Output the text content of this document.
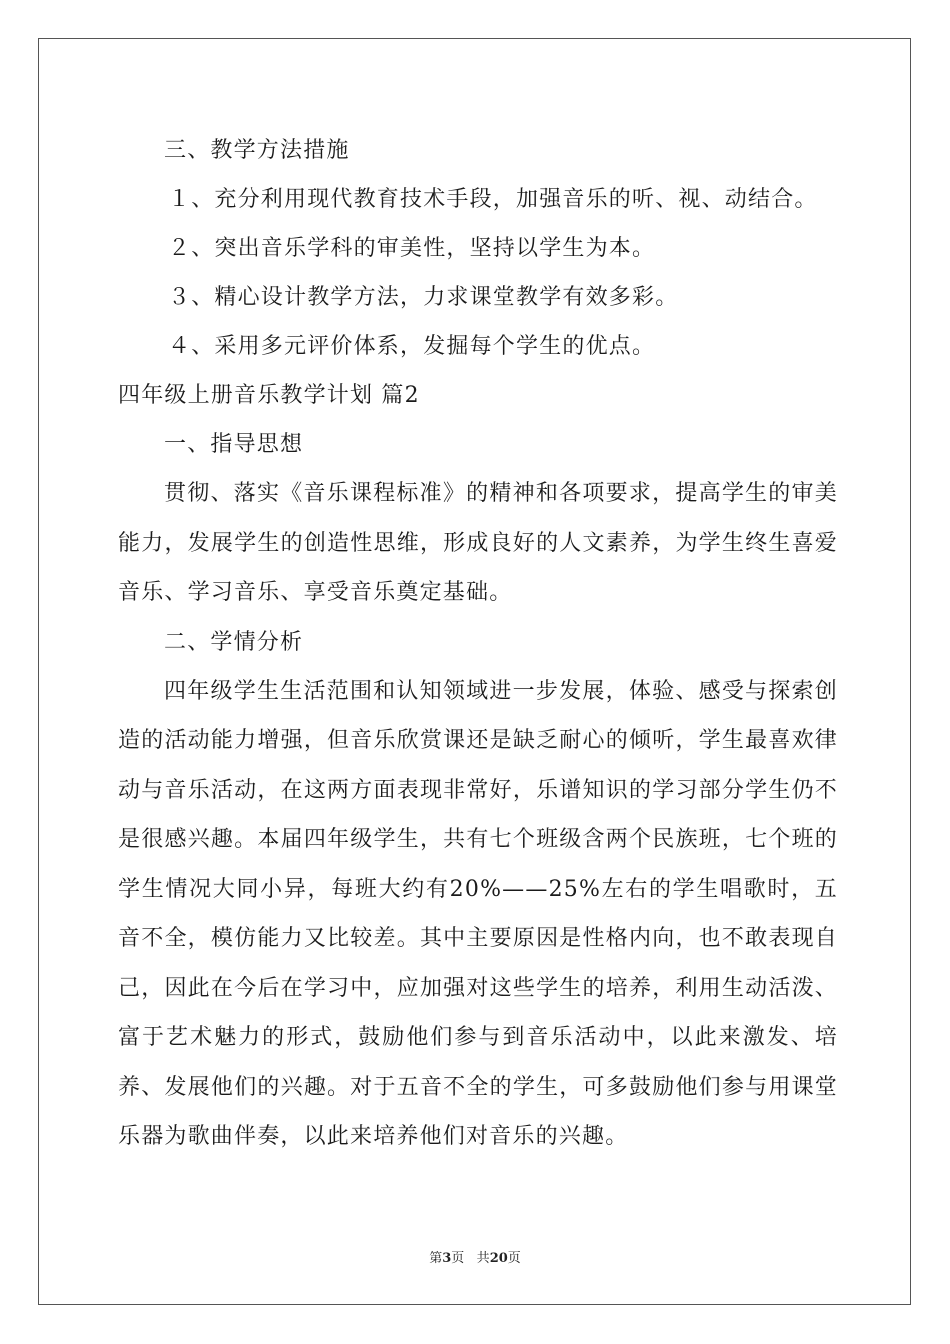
三、教学方法措施
１、充分利用现代教育技术手段，加强音乐的听、视、动结合。
２、突出音乐学科的审美性，坚持以学生为本。
３、精心设计教学方法，力求课堂教学有效多彩。
４、采用多元评价体系，发掘每个学生的优点。
四年级上册音乐教学计划 篇2
一、指导思想

贯彻、落实《音乐课程标准》的精神和各项要求，提高学生的审美能力，发展学生的创造性思维，形成良好的人文素养，为学生终生喜爱音乐、学习音乐、享受音乐奠定基础。

二、学情分析

四年级学生生活范围和认知领域进一步发展，体验、感受与探索创造的活动能力增强，但音乐欣赏课还是缺乏耐心的倾听，学生最喜欢律动与音乐活动，在这两方面表现非常好，乐谱知识的学习部分学生仍不是很感兴趣。本届四年级学生，共有七个班级含两个民族班，七个班的学生情况大同小异，每班大约有20%——25%左右的学生唱歌时，五音不全，模仿能力又比较差。其中主要原因是性格内向，也不敢表现自己，因此在今后在学习中，应加强对这些学生的培养，利用生动活泼、富于艺术魅力的形式，鼓励他们参与到音乐活动中，以此来激发、培养、发展他们的兴趣。对于五音不全的学生，可多鼓励他们参与用课堂乐器为歌曲伴奏，以此来培养他们对音乐的兴趣。

第3页 共20页
